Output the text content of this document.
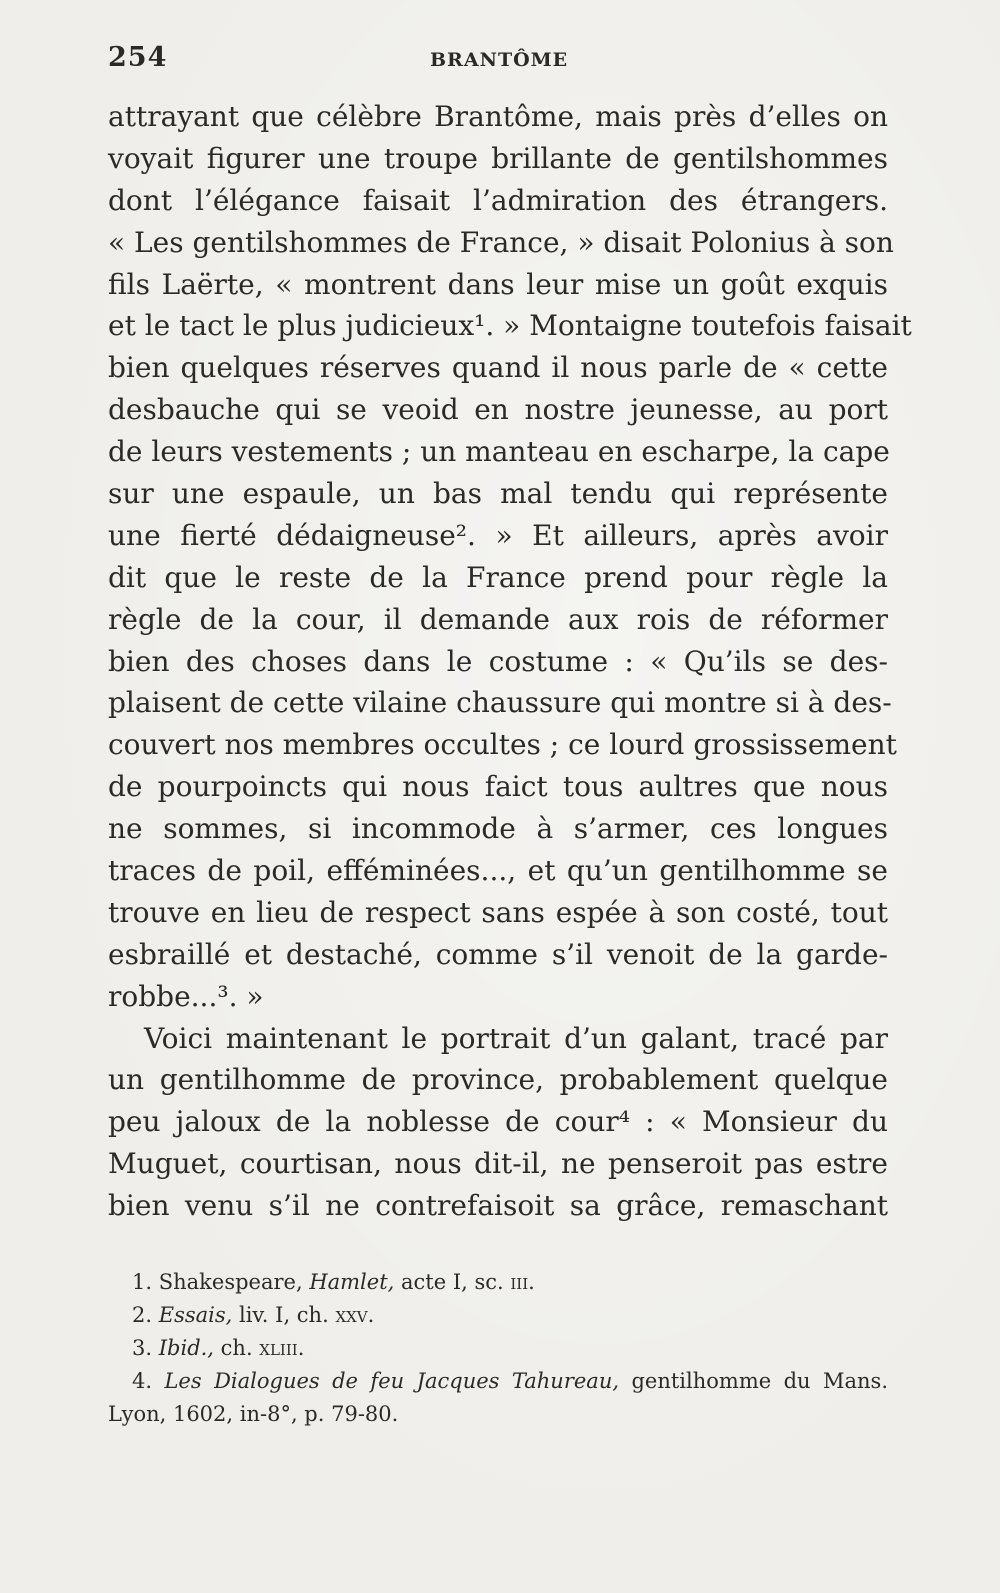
254	BRANTÔME
attrayant que célèbre Brantôme, mais près d’elles on
voyait figurer une troupe brillante de gentilshommes
dont l’élégance faisait l’admiration des étrangers.
« Les gentilshommes de France, » disait Polonius à son
fils Laërte, « montrent dans leur mise un goût exquis
et le tact le plus judicieux¹. » Montaigne toutefois faisait
bien quelques réserves quand il nous parle de « cette
desbauche qui se veoid en nostre jeunesse, au port
de leurs vestements ; un manteau en escharpe, la cape
sur une espaule, un bas mal tendu qui représente
une fierté dédaigneuse². » Et ailleurs, après avoir
dit que le reste de la France prend pour règle la
règle de la cour, il demande aux rois de réformer
bien des choses dans le costume : « Qu’ils se des-
plaisent de cette vilaine chaussure qui montre si à des-
couvert nos membres occultes ; ce lourd grossissement
de pourpoincts qui nous faict tous aultres que nous
ne sommes, si incommode à s’armer, ces longues
traces de poil, efféminées..., et qu’un gentilhomme se
trouve en lieu de respect sans espée à son costé, tout
esbraillé et destaché, comme s’il venoit de la garde-
robbe...³. »
Voici maintenant le portrait d’un galant, tracé par
un gentilhomme de province, probablement quelque
peu jaloux de la noblesse de cour⁴ : « Monsieur du
Muguet, courtisan, nous dit-il, ne penseroit pas estre
bien venu s’il ne contrefaisoit sa grâce, remaschant
1. Shakespeare, Hamlet, acte I, sc. iii.
2. Essais, liv. I, ch. xxv.
3. Ibid., ch. xliii.
4. Les Dialogues de feu Jacques Tahureau, gentilhomme du Mans.
Lyon, 1602, in-8°, p. 79-80.
